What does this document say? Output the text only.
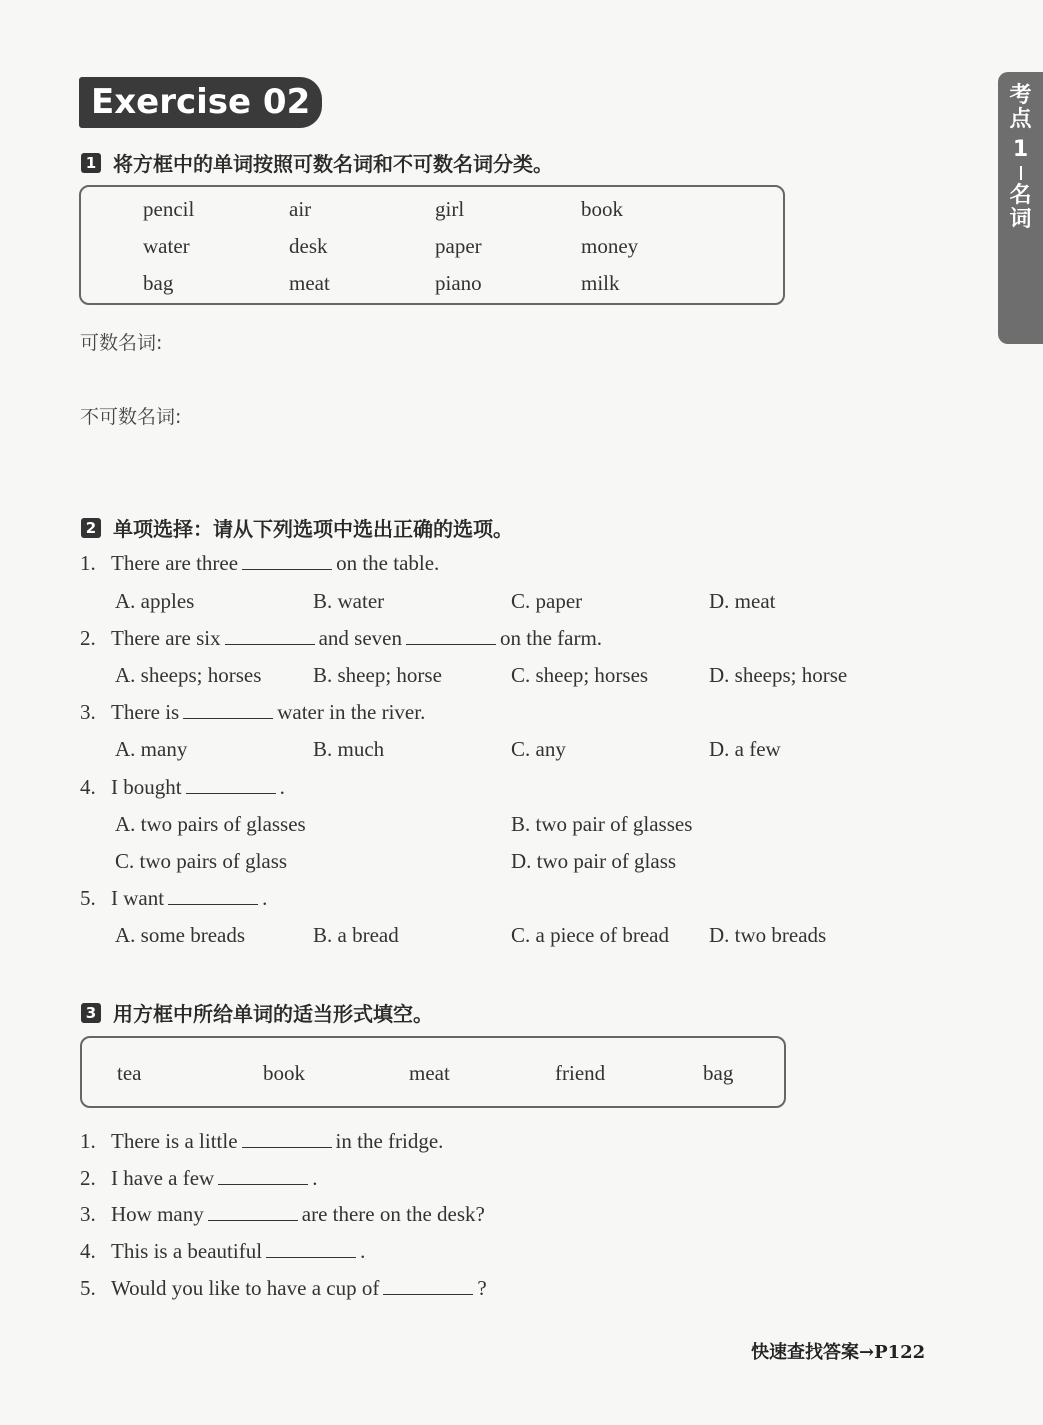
Exercise 02	考
点
1
名
词
1 将方框中的单词按照可数名词和不可数名词分类。
pencil	air	girl	book
water	desk	paper	money
bag	meat	piano	milk
可数名词:
不可数名词:
2 单项选择：请从下列选项中选出正确的选项。
1. There are three	on the table.
A. apples	B. water	C. paper	D. meat
2. There are six	and seven	on the farm.
A. sheeps; horses B. sheep; horse	C. sheep; horses	D. sheeps; horse
3. There is	water in the river.
A. many	B. much	C. any	D. a few
4. I bought	.
A. two pairs of glasses	B. two pair of glasses
C. two pairs of glass	D. two pair of glass
5. I want	.
A. some breads	B. a bread	C. a piece of bread D. two breads
3 用方框中所给单词的适当形式填空。
tea	book	meat	friend	bag
1. There is a little	in the fridge.
2. I have a few	.
3. How many	are there on the desk?
4. This is a beautiful	.
5. Would you like to have a cup of	?
快速查找答案→P122
